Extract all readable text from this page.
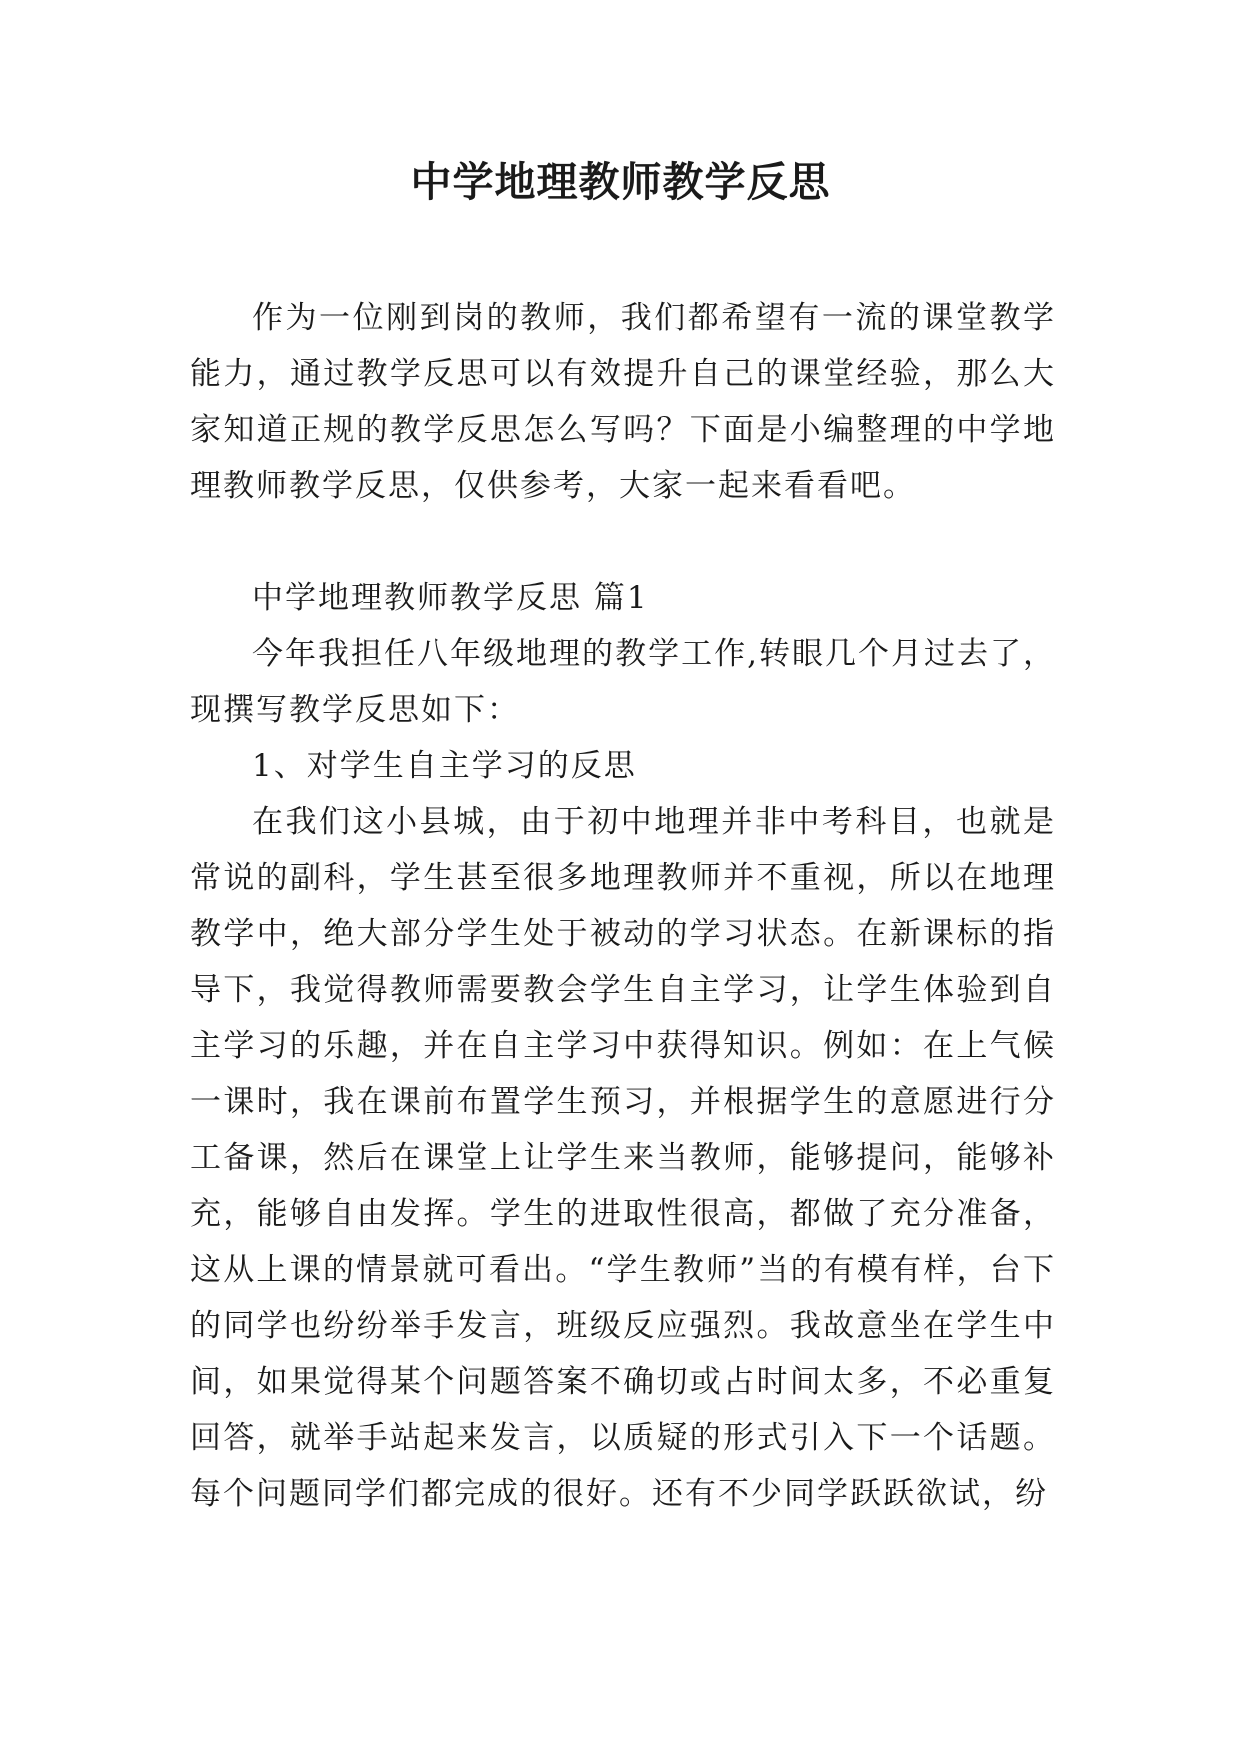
中学地理教师教学反思

作为一位刚到岗的教师，我们都希望有一流的课堂教学能力，通过教学反思可以有效提升自己的课堂经验，那么大家知道正规的教学反思怎么写吗？下面是小编整理的中学地理教师教学反思，仅供参考，大家一起来看看吧。

中学地理教师教学反思 篇1

今年我担任八年级地理的教学工作,转眼几个月过去了，现撰写教学反思如下：

1、对学生自主学习的反思

在我们这小县城，由于初中地理并非中考科目，也就是常说的副科，学生甚至很多地理教师并不重视，所以在地理教学中，绝大部分学生处于被动的学习状态。在新课标的指导下，我觉得教师需要教会学生自主学习，让学生体验到自主学习的乐趣，并在自主学习中获得知识。例如：在上气候一课时，我在课前布置学生预习，并根据学生的意愿进行分工备课，然后在课堂上让学生来当教师，能够提问，能够补充，能够自由发挥。学生的进取性很高，都做了充分准备，这从上课的情景就可看出。“学生教师”当的有模有样，台下的同学也纷纷举手发言，班级反应强烈。我故意坐在学生中间，如果觉得某个问题答案不确切或占时间太多，不必重复回答，就举手站起来发言，以质疑的形式引入下一个话题。每个问题同学们都完成的很好。还有不少同学跃跃欲试，纷
